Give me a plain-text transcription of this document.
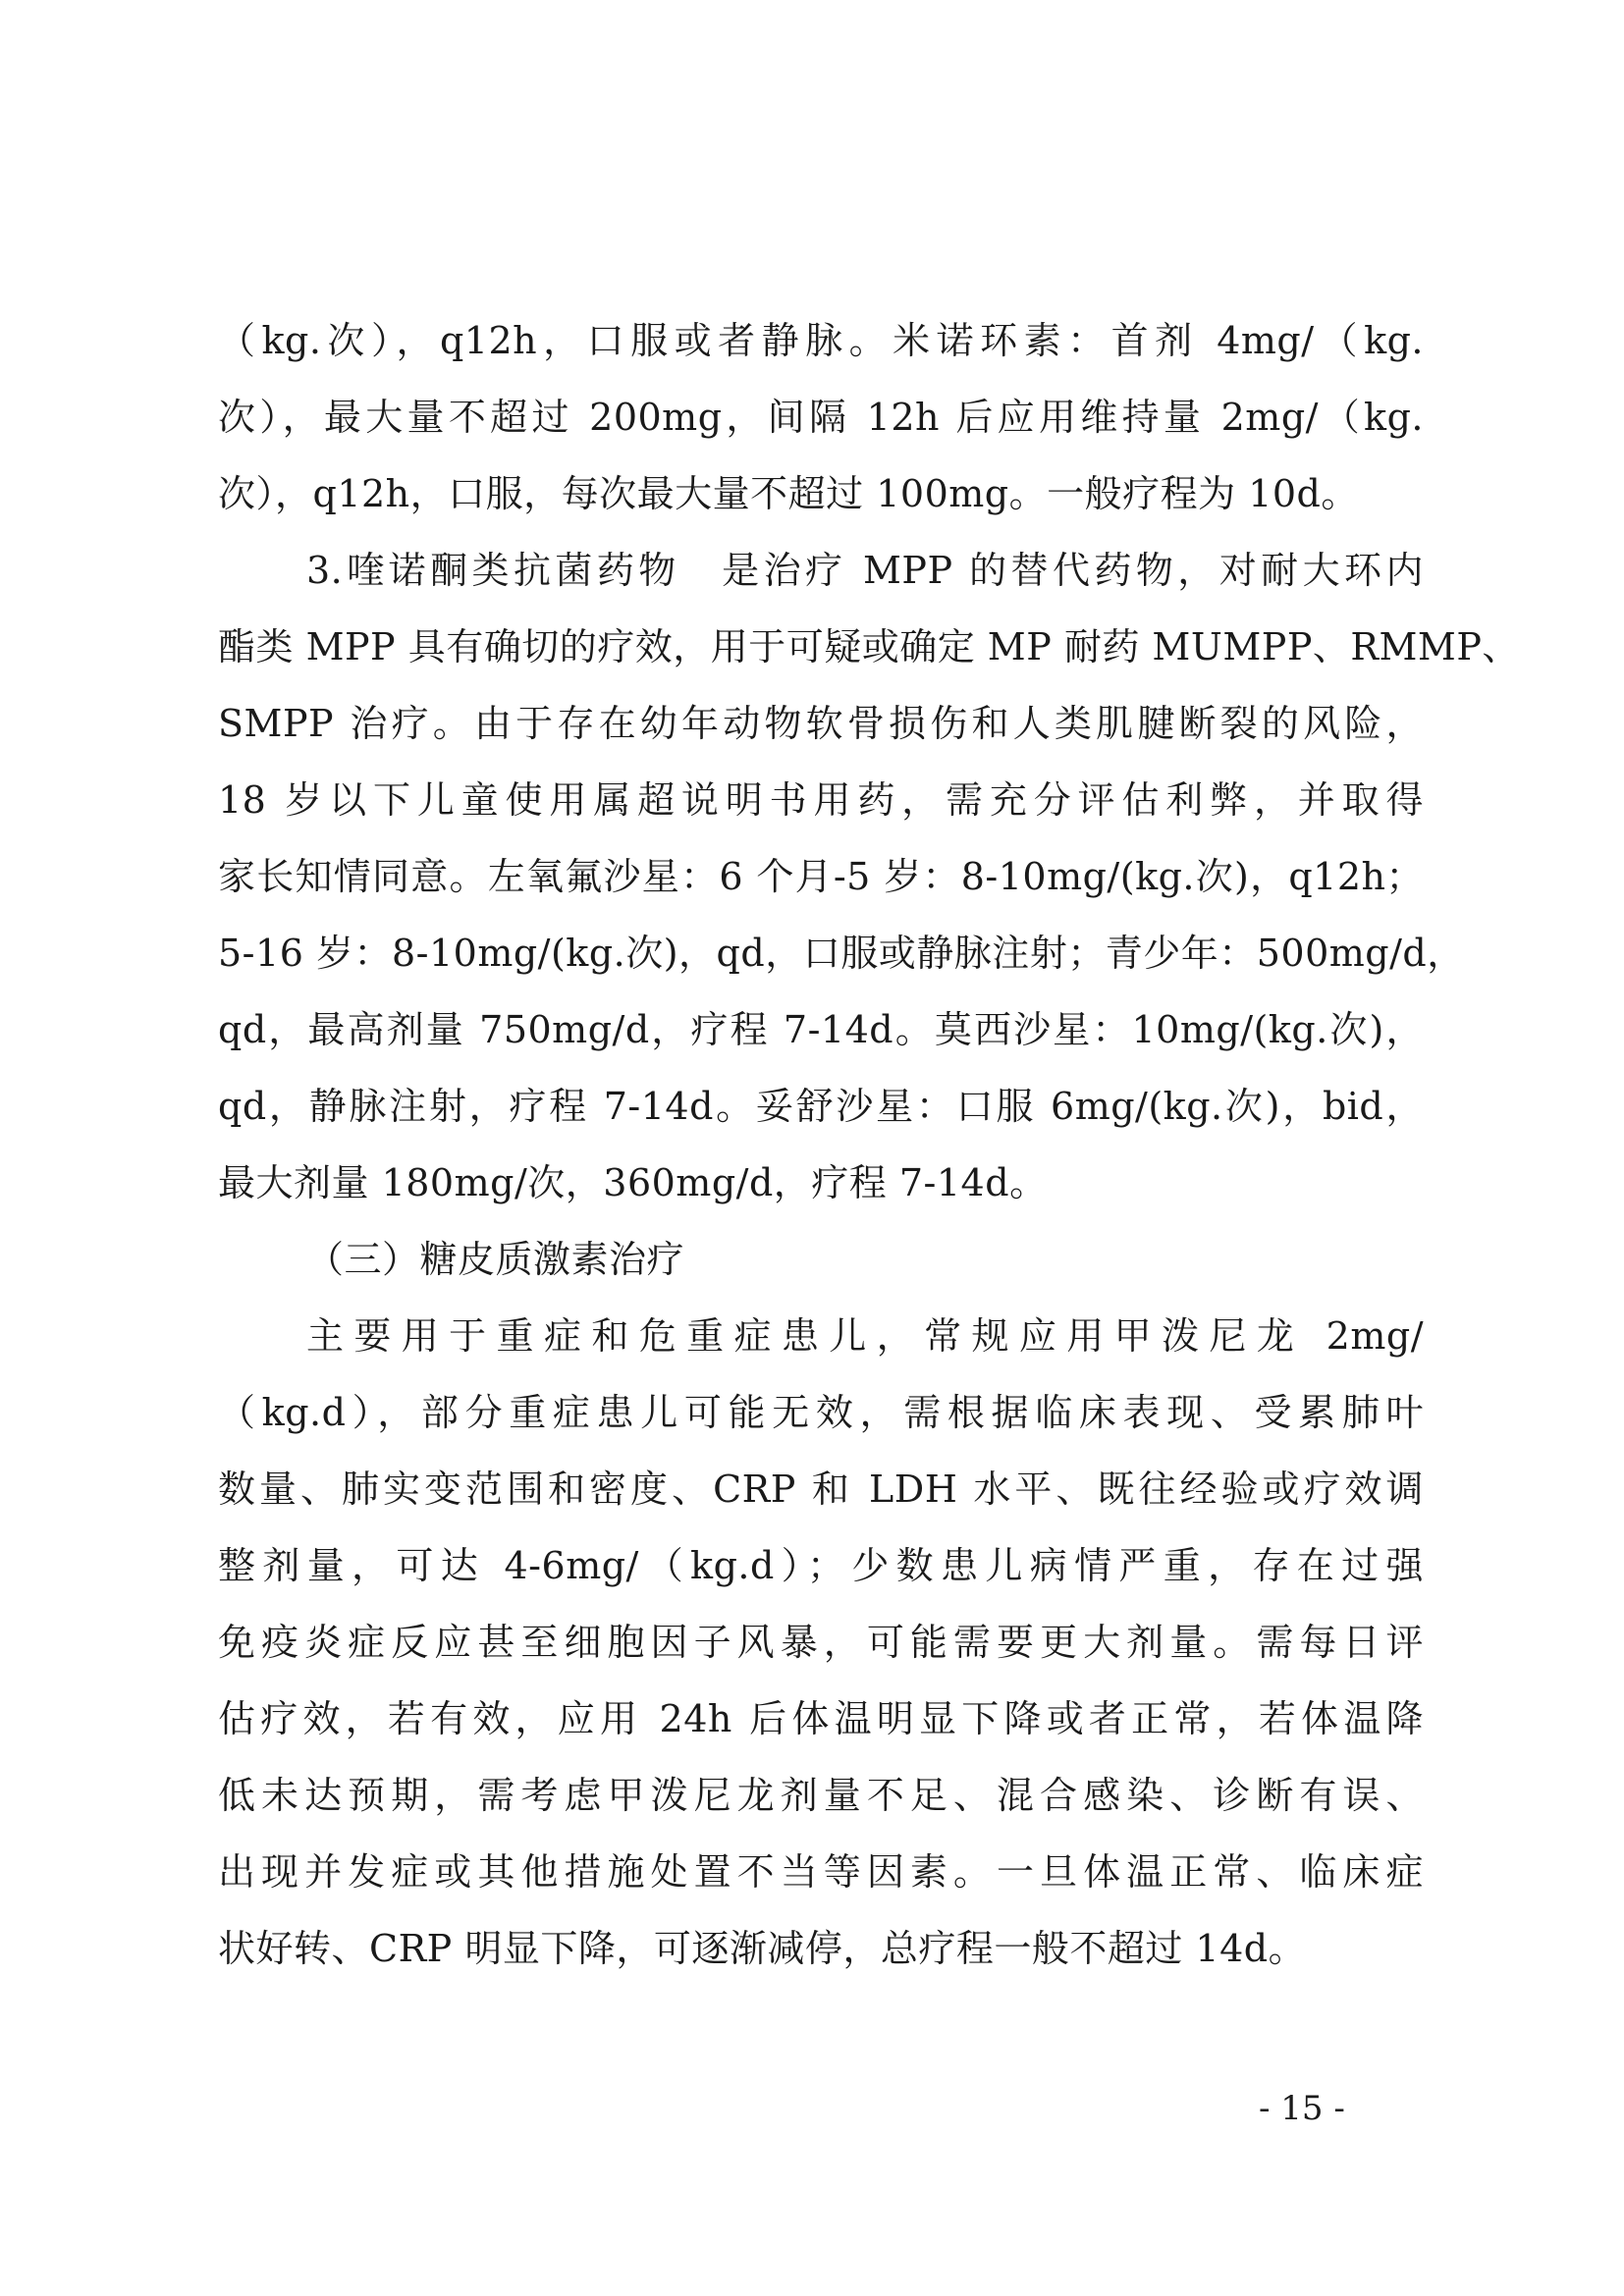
（kg.次），q12h，口服或者静脉。米诺环素：首剂 4mg/（kg.
次），最大量不超过 200mg，间隔 12h 后应用维持量 2mg/（kg.
次），q12h，口服，每次最大量不超过 100mg。一般疗程为 10d。
3.喹诺酮类抗菌药物　是治疗 MPP 的替代药物，对耐大环内
酯类 MPP 具有确切的疗效，用于可疑或确定 MP 耐药 MUMPP、RMMP、
SMPP 治疗。由于存在幼年动物软骨损伤和人类肌腱断裂的风险，
18 岁以下儿童使用属超说明书用药，需充分评估利弊，并取得
家长知情同意。左氧氟沙星：6 个月-5 岁：8-10mg/(kg.次)，q12h；
5-16 岁：8-10mg/(kg.次)，qd，口服或静脉注射；青少年：500mg/d，
qd，最高剂量 750mg/d，疗程 7-14d。莫西沙星：10mg/(kg.次)，
qd，静脉注射，疗程 7-14d。妥舒沙星：口服 6mg/(kg.次)，bid，
最大剂量 180mg/次，360mg/d，疗程 7-14d。
（三）糖皮质激素治疗
主要用于重症和危重症患儿，常规应用甲泼尼龙 2mg/
（kg.d），部分重症患儿可能无效，需根据临床表现、受累肺叶
数量、肺实变范围和密度、CRP 和 LDH 水平、既往经验或疗效调
整剂量，可达 4-6mg/（kg.d）；少数患儿病情严重，存在过强
免疫炎症反应甚至细胞因子风暴，可能需要更大剂量。需每日评
估疗效，若有效，应用 24h 后体温明显下降或者正常，若体温降
低未达预期，需考虑甲泼尼龙剂量不足、混合感染、诊断有误、
出现并发症或其他措施处置不当等因素。一旦体温正常、临床症
状好转、CRP 明显下降，可逐渐减停，总疗程一般不超过 14d。
- 15 -
